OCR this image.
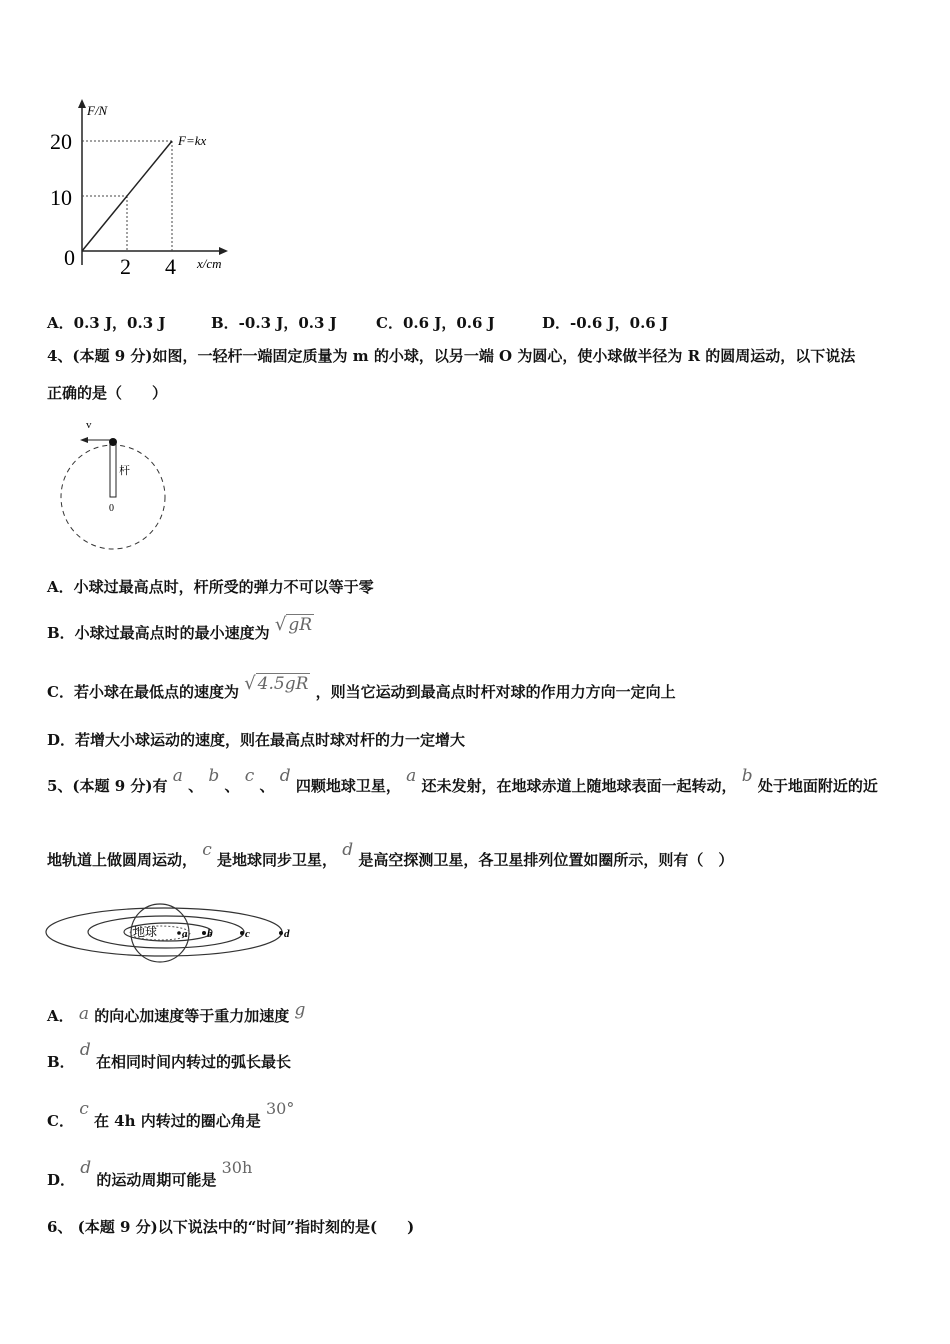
F/N
x/cm
F=kx
20
10
0 2 4
A．0.3 J，0.3 J	B．-0.3 J，0.3 J	C．0.6 J，0.6 J	D．-0.6 J，0.6 J
4、(本题 9 分)如图，一轻杆一端固定质量为 m 的小球，以另一端 O 为圆心，使小球做半径为 R 的圆周运动，以下说法
正确的是（　　）
v
杆
0
A．小球过最高点时，杆所受的弹力不可以等于零
B．小球过最高点时的最小速度为 √ gR
C．若小球在最低点的速度为 √ 4.5gR ，则当它运动到最高点时杆对球的作用力方向一定向上
D．若增大小球运动的速度，则在最高点时球对杆的力一定增大
5、(本题 9 分)有 a 、 b 、 c 、 d 四颗地球卫星， a 还未发射，在地球赤道上随地球表面一起转动， b 处于地面附近的近
地轨道上做圆周运动， c 是地球同步卫星， d 是高空探测卫星，各卫星排列位置如圈所示，则有（　）
地球 a b	c	d
A． a 的向心加速度等于重力加速度 g
B． d 在相同时间内转过的弧长最长
C． c 在 4h 内转过的圈心角是 30°
D． d 的运动周期可能是 30h
6、 (本题 9 分)以下说法中的“时间”指时刻的是(　　)
